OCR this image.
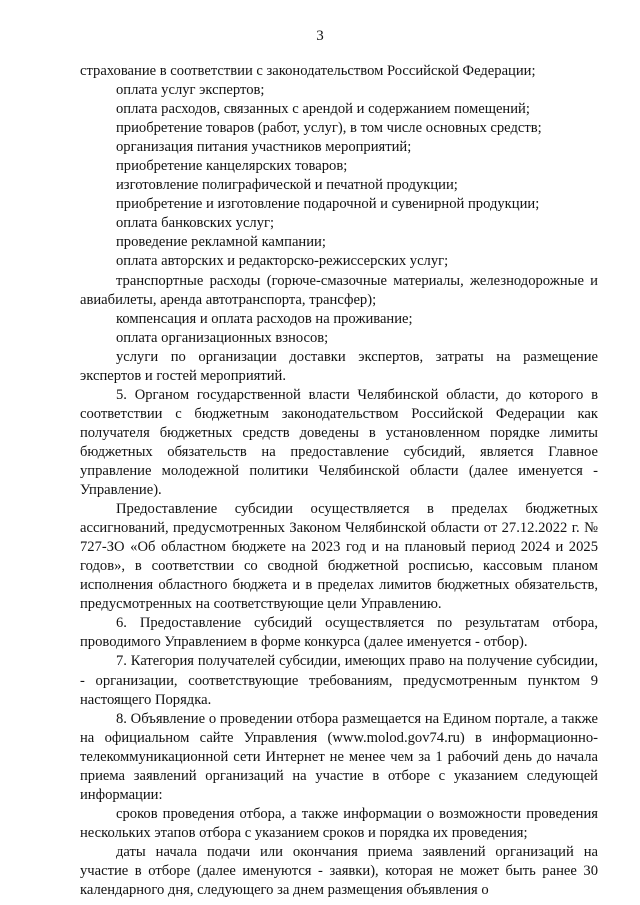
3

страхование в соответствии с законодательством Российской Федерации;

оплата услуг экспертов;

оплата расходов, связанных с арендой и содержанием помещений;

приобретение товаров (работ, услуг), в том числе основных средств;

организация питания участников мероприятий;

приобретение канцелярских товаров;

изготовление полиграфической и печатной продукции;

приобретение и изготовление подарочной и сувенирной продукции;

оплата банковских услуг;

проведение рекламной кампании;

оплата авторских и редакторско-режиссерских услуг;

транспортные расходы (горюче-смазочные материалы, железнодорожные и авиабилеты, аренда автотранспорта, трансфер);

компенсация и оплата расходов на проживание;

оплата организационных взносов;

услуги по организации доставки экспертов, затраты на размещение экспертов и гостей мероприятий.

5. Органом государственной власти Челябинской области, до которого в соответствии с бюджетным законодательством Российской Федерации как получателя бюджетных средств доведены в установленном порядке лимиты бюджетных обязательств на предоставление субсидий, является Главное управление молодежной политики Челябинской области (далее именуется - Управление).

Предоставление субсидии осуществляется в пределах бюджетных ассигнований, предусмотренных Законом Челябинской области от 27.12.2022 г. № 727-ЗО «Об областном бюджете на 2023 год и на плановый период 2024 и 2025 годов», в соответствии со сводной бюджетной росписью, кассовым планом исполнения областного бюджета и в пределах лимитов бюджетных обязательств, предусмотренных на соответствующие цели Управлению.

6. Предоставление субсидий осуществляется по результатам отбора, проводимого Управлением в форме конкурса (далее именуется - отбор).

7. Категория получателей субсидии, имеющих право на получение субсидии, - организации, соответствующие требованиям, предусмотренным пунктом 9 настоящего Порядка.

8. Объявление о проведении отбора размещается на Едином портале, а также на официальном сайте Управления (www.molod.gov74.ru) в информационно-телекоммуникационной сети Интернет не менее чем за 1 рабочий день до начала приема заявлений организаций на участие в отборе с указанием следующей информации:

сроков проведения отбора, а также информации о возможности проведения нескольких этапов отбора с указанием сроков и порядка их проведения;

даты начала подачи или окончания приема заявлений организаций на участие в отборе (далее именуются - заявки), которая не может быть ранее 30 календарного дня, следующего за днем размещения объявления о
